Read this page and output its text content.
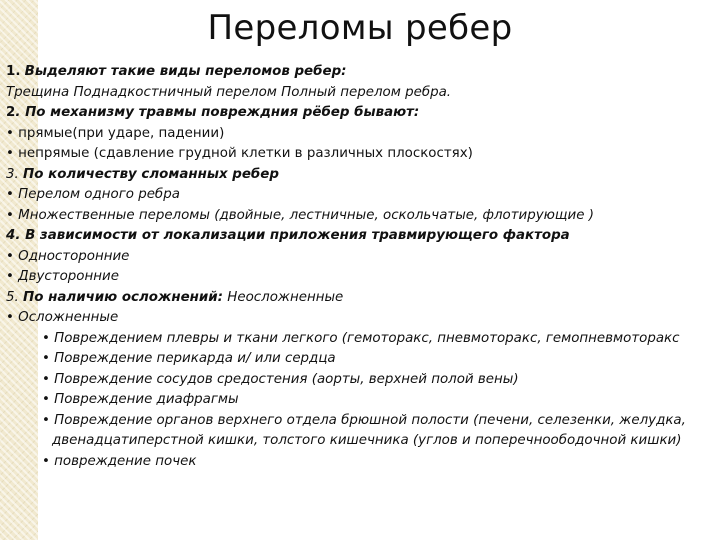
Переломы ребер
1. Выделяют такие виды переломов ребер:
Трещина Поднадкостничный перелом Полный перелом ребра.
2. По механизму травмы повреждния рёбер бывают:
• прямые(при ударе, падении)
• непрямые (сдавление грудной клетки в различных плоскостях)
3. По количеству сломанных ребер
• Перелом одного ребра
• Множественные переломы (двойные, лестничные, оскольчатые, флотирующие )
4. В зависимости от локализации приложения травмирующего фактора
• Односторонние
• Двусторонние
5. По наличию осложнений: Неосложненные
• Осложненные
• Повреждением плевры и ткани легкого (гемоторакс, пневмоторакс, гемопневмоторакс
• Повреждение перикарда и/ или сердца
• Повреждение сосудов средостения (аорты, верхней полой вены)
• Повреждение диафрагмы
• Повреждение органов верхнего отдела брюшной полости (печени, селезенки, желудка, двенадцатиперстной кишки, толстого кишечника (углов и поперечноободочной кишки)
• повреждение почек
